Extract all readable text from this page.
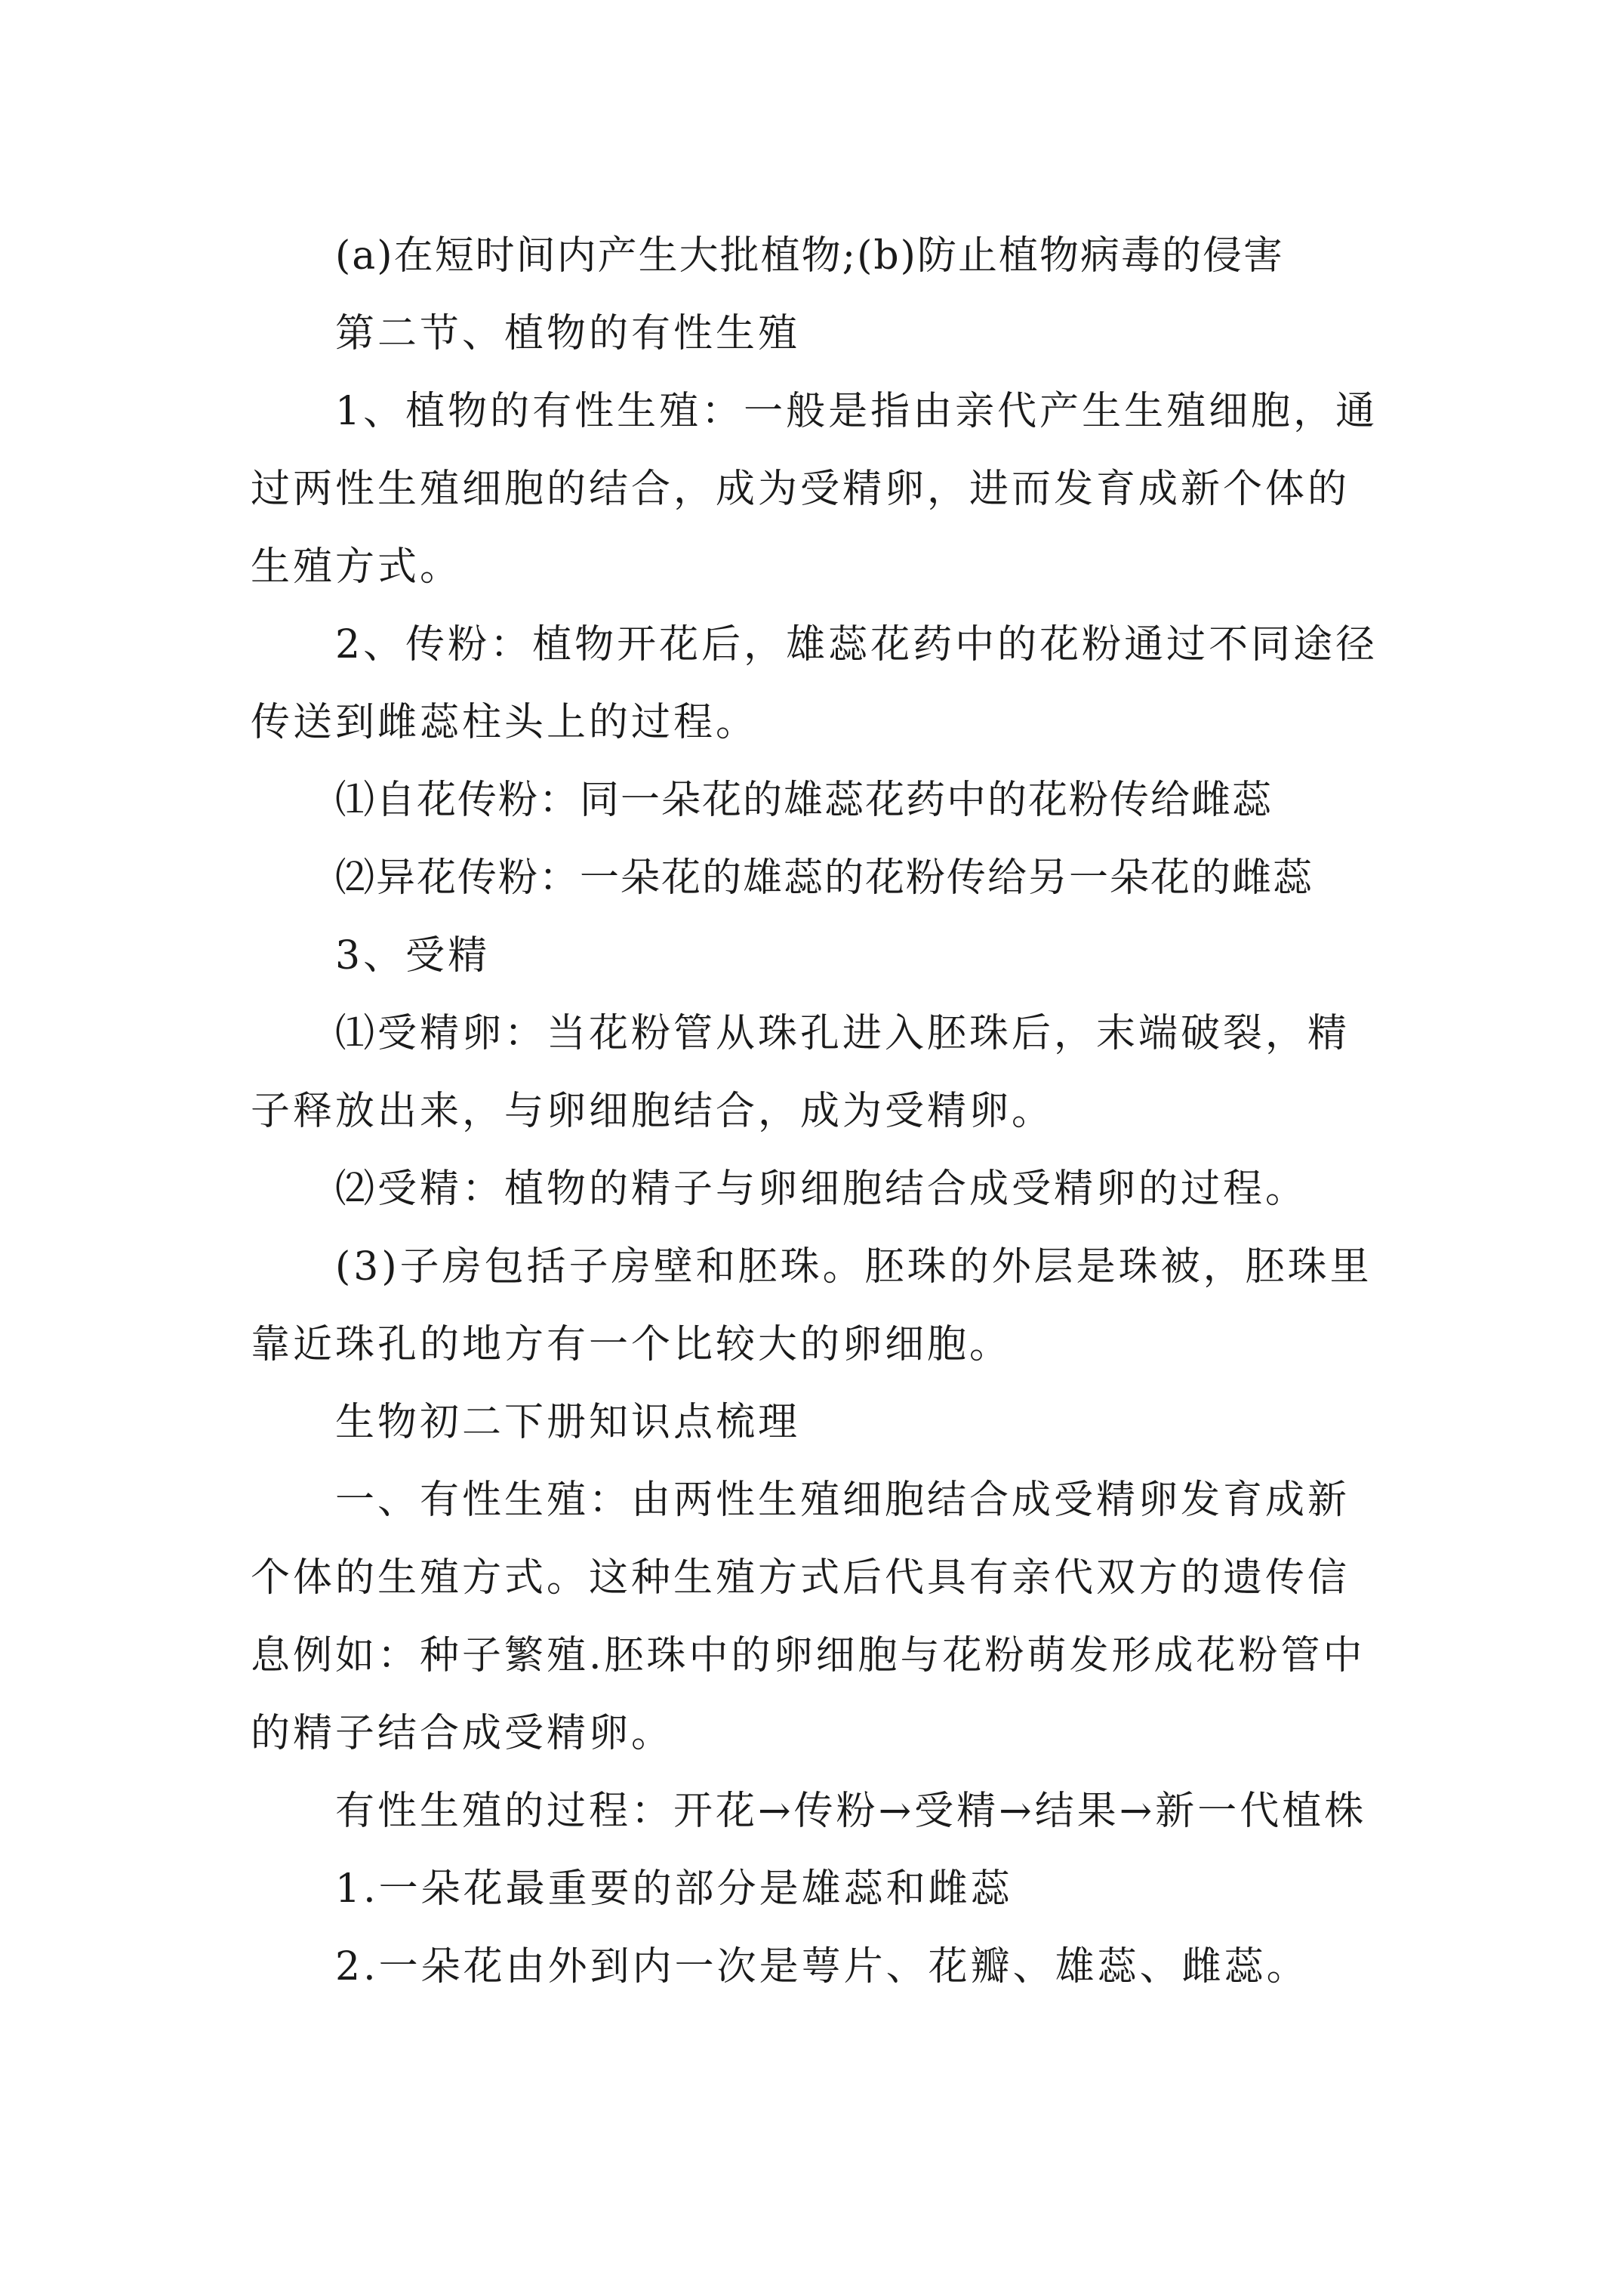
(a)在短时间内产生大批植物;(b)防止植物病毒的侵害

第二节、植物的有性生殖

1、植物的有性生殖：一般是指由亲代产生生殖细胞，通过两性生殖细胞的结合，成为受精卵，进而发育成新个体的生殖方式。

2、传粉：植物开花后，雄蕊花药中的花粉通过不同途径传送到雌蕊柱头上的过程。

⑴自花传粉：同一朵花的雄蕊花药中的花粉传给雌蕊

⑵异花传粉：一朵花的雄蕊的花粉传给另一朵花的雌蕊

3、受精

⑴受精卵：当花粉管从珠孔进入胚珠后，末端破裂，精子释放出来，与卵细胞结合，成为受精卵。

⑵受精：植物的精子与卵细胞结合成受精卵的过程。

(3)子房包括子房壁和胚珠。胚珠的外层是珠被，胚珠里靠近珠孔的地方有一个比较大的卵细胞。

生物初二下册知识点梳理

一、有性生殖：由两性生殖细胞结合成受精卵发育成新个体的生殖方式。这种生殖方式后代具有亲代双方的遗传信息例如：种子繁殖.胚珠中的卵细胞与花粉萌发形成花粉管中的精子结合成受精卵。

有性生殖的过程：开花→传粉→受精→结果→新一代植株

1.一朵花最重要的部分是雄蕊和雌蕊

2.一朵花由外到内一次是萼片、花瓣、雄蕊、雌蕊。
